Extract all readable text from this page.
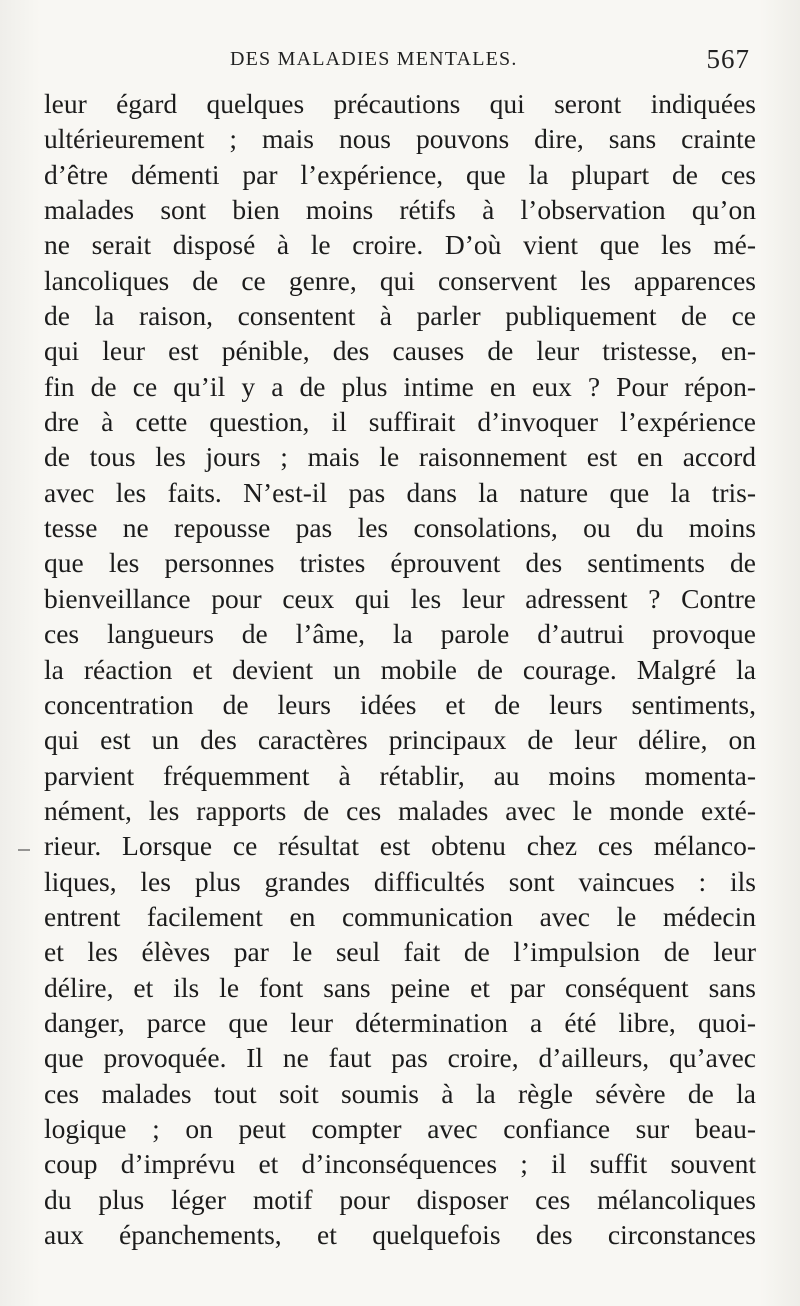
DES MALADIES MENTALES.	567
leur égard quelques précautions qui seront indiquées
ultérieurement ; mais nous pouvons dire, sans crainte
d’être démenti par l’expérience, que la plupart de ces
malades sont bien moins rétifs à l’observation qu’on
ne serait disposé à le croire. D’où vient que les mé-
lancoliques de ce genre, qui conservent les apparences
de la raison, consentent à parler publiquement de ce
qui leur est pénible, des causes de leur tristesse, en-
fin de ce qu’il y a de plus intime en eux ? Pour répon-
dre à cette question, il suffirait d’invoquer l’expérience
de tous les jours ; mais le raisonnement est en accord
avec les faits. N’est-il pas dans la nature que la tris-
tesse ne repousse pas les consolations, ou du moins
que les personnes tristes éprouvent des sentiments de
bienveillance pour ceux qui les leur adressent ? Contre
ces langueurs de l’âme, la parole d’autrui provoque
la réaction et devient un mobile de courage. Malgré la
concentration de leurs idées et de leurs sentiments,
qui est un des caractères principaux de leur délire, on
parvient fréquemment à rétablir, au moins momenta-
nément, les rapports de ces malades avec le monde exté-
rieur. Lorsque ce résultat est obtenu chez ces mélanco-
liques, les plus grandes difficultés sont vaincues : ils
entrent facilement en communication avec le médecin
et les élèves par le seul fait de l’impulsion de leur
délire, et ils le font sans peine et par conséquent sans
danger, parce que leur détermination a été libre, quoi-
que provoquée. Il ne faut pas croire, d’ailleurs, qu’avec
ces malades tout soit soumis à la règle sévère de la
logique ; on peut compter avec confiance sur beau-
coup d’imprévu et d’inconséquences ; il suffit souvent
du plus léger motif pour disposer ces mélancoliques
aux épanchements, et quelquefois des circonstances
